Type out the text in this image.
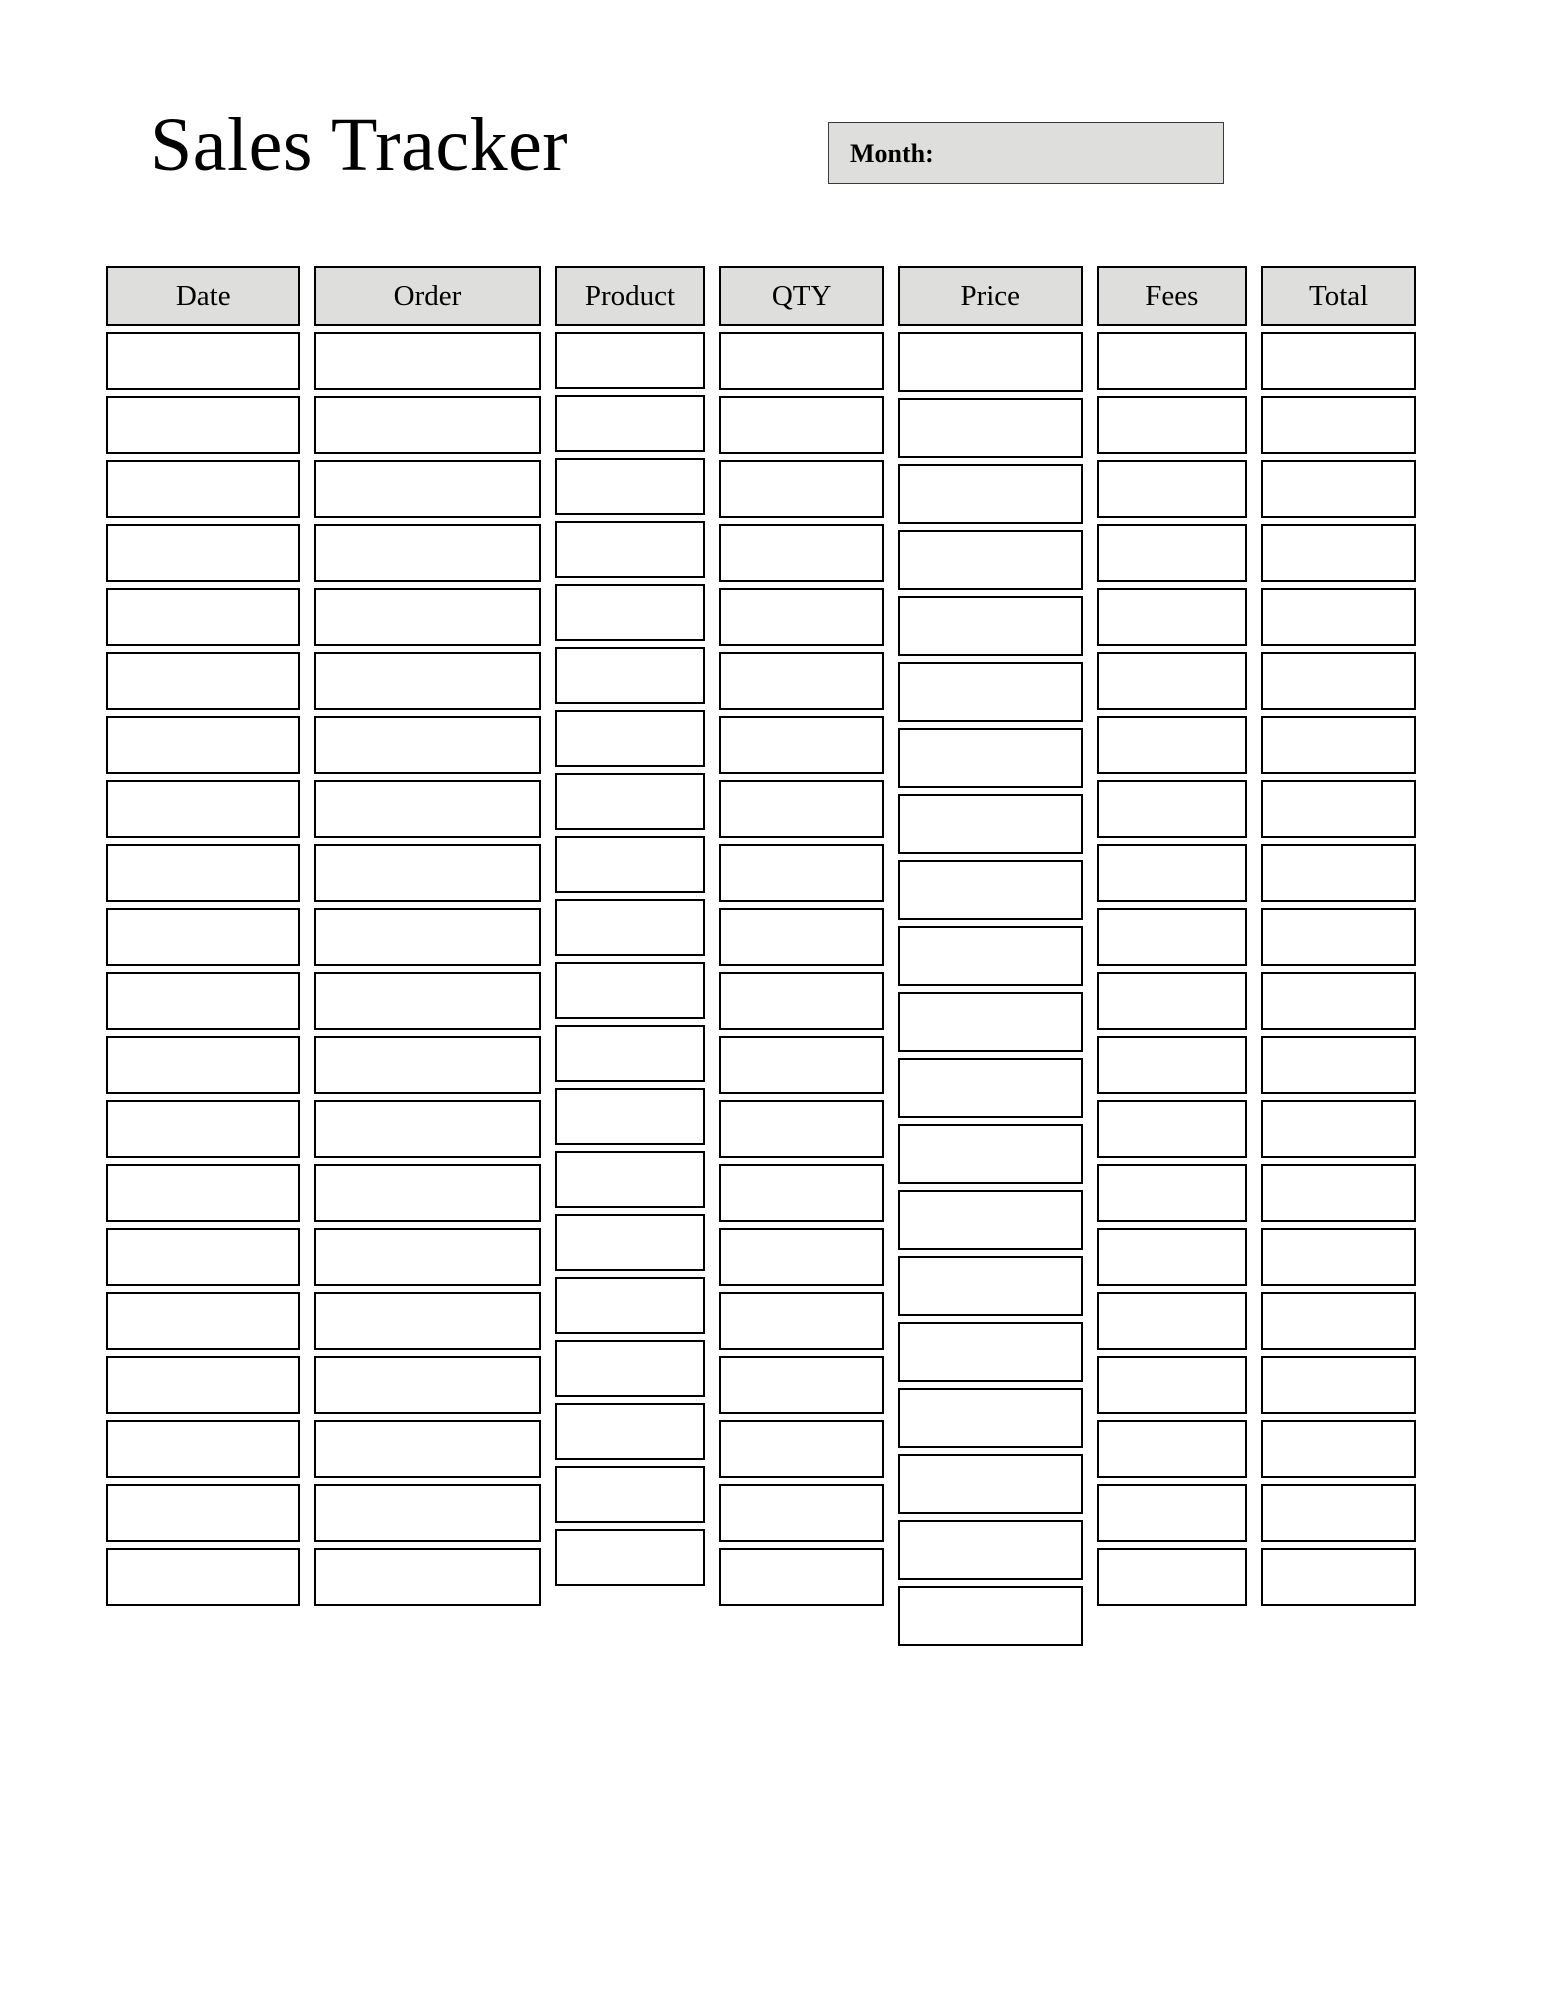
Sales Tracker	Month:
Date	Order	Product	QTY	Price	Fees	Total
